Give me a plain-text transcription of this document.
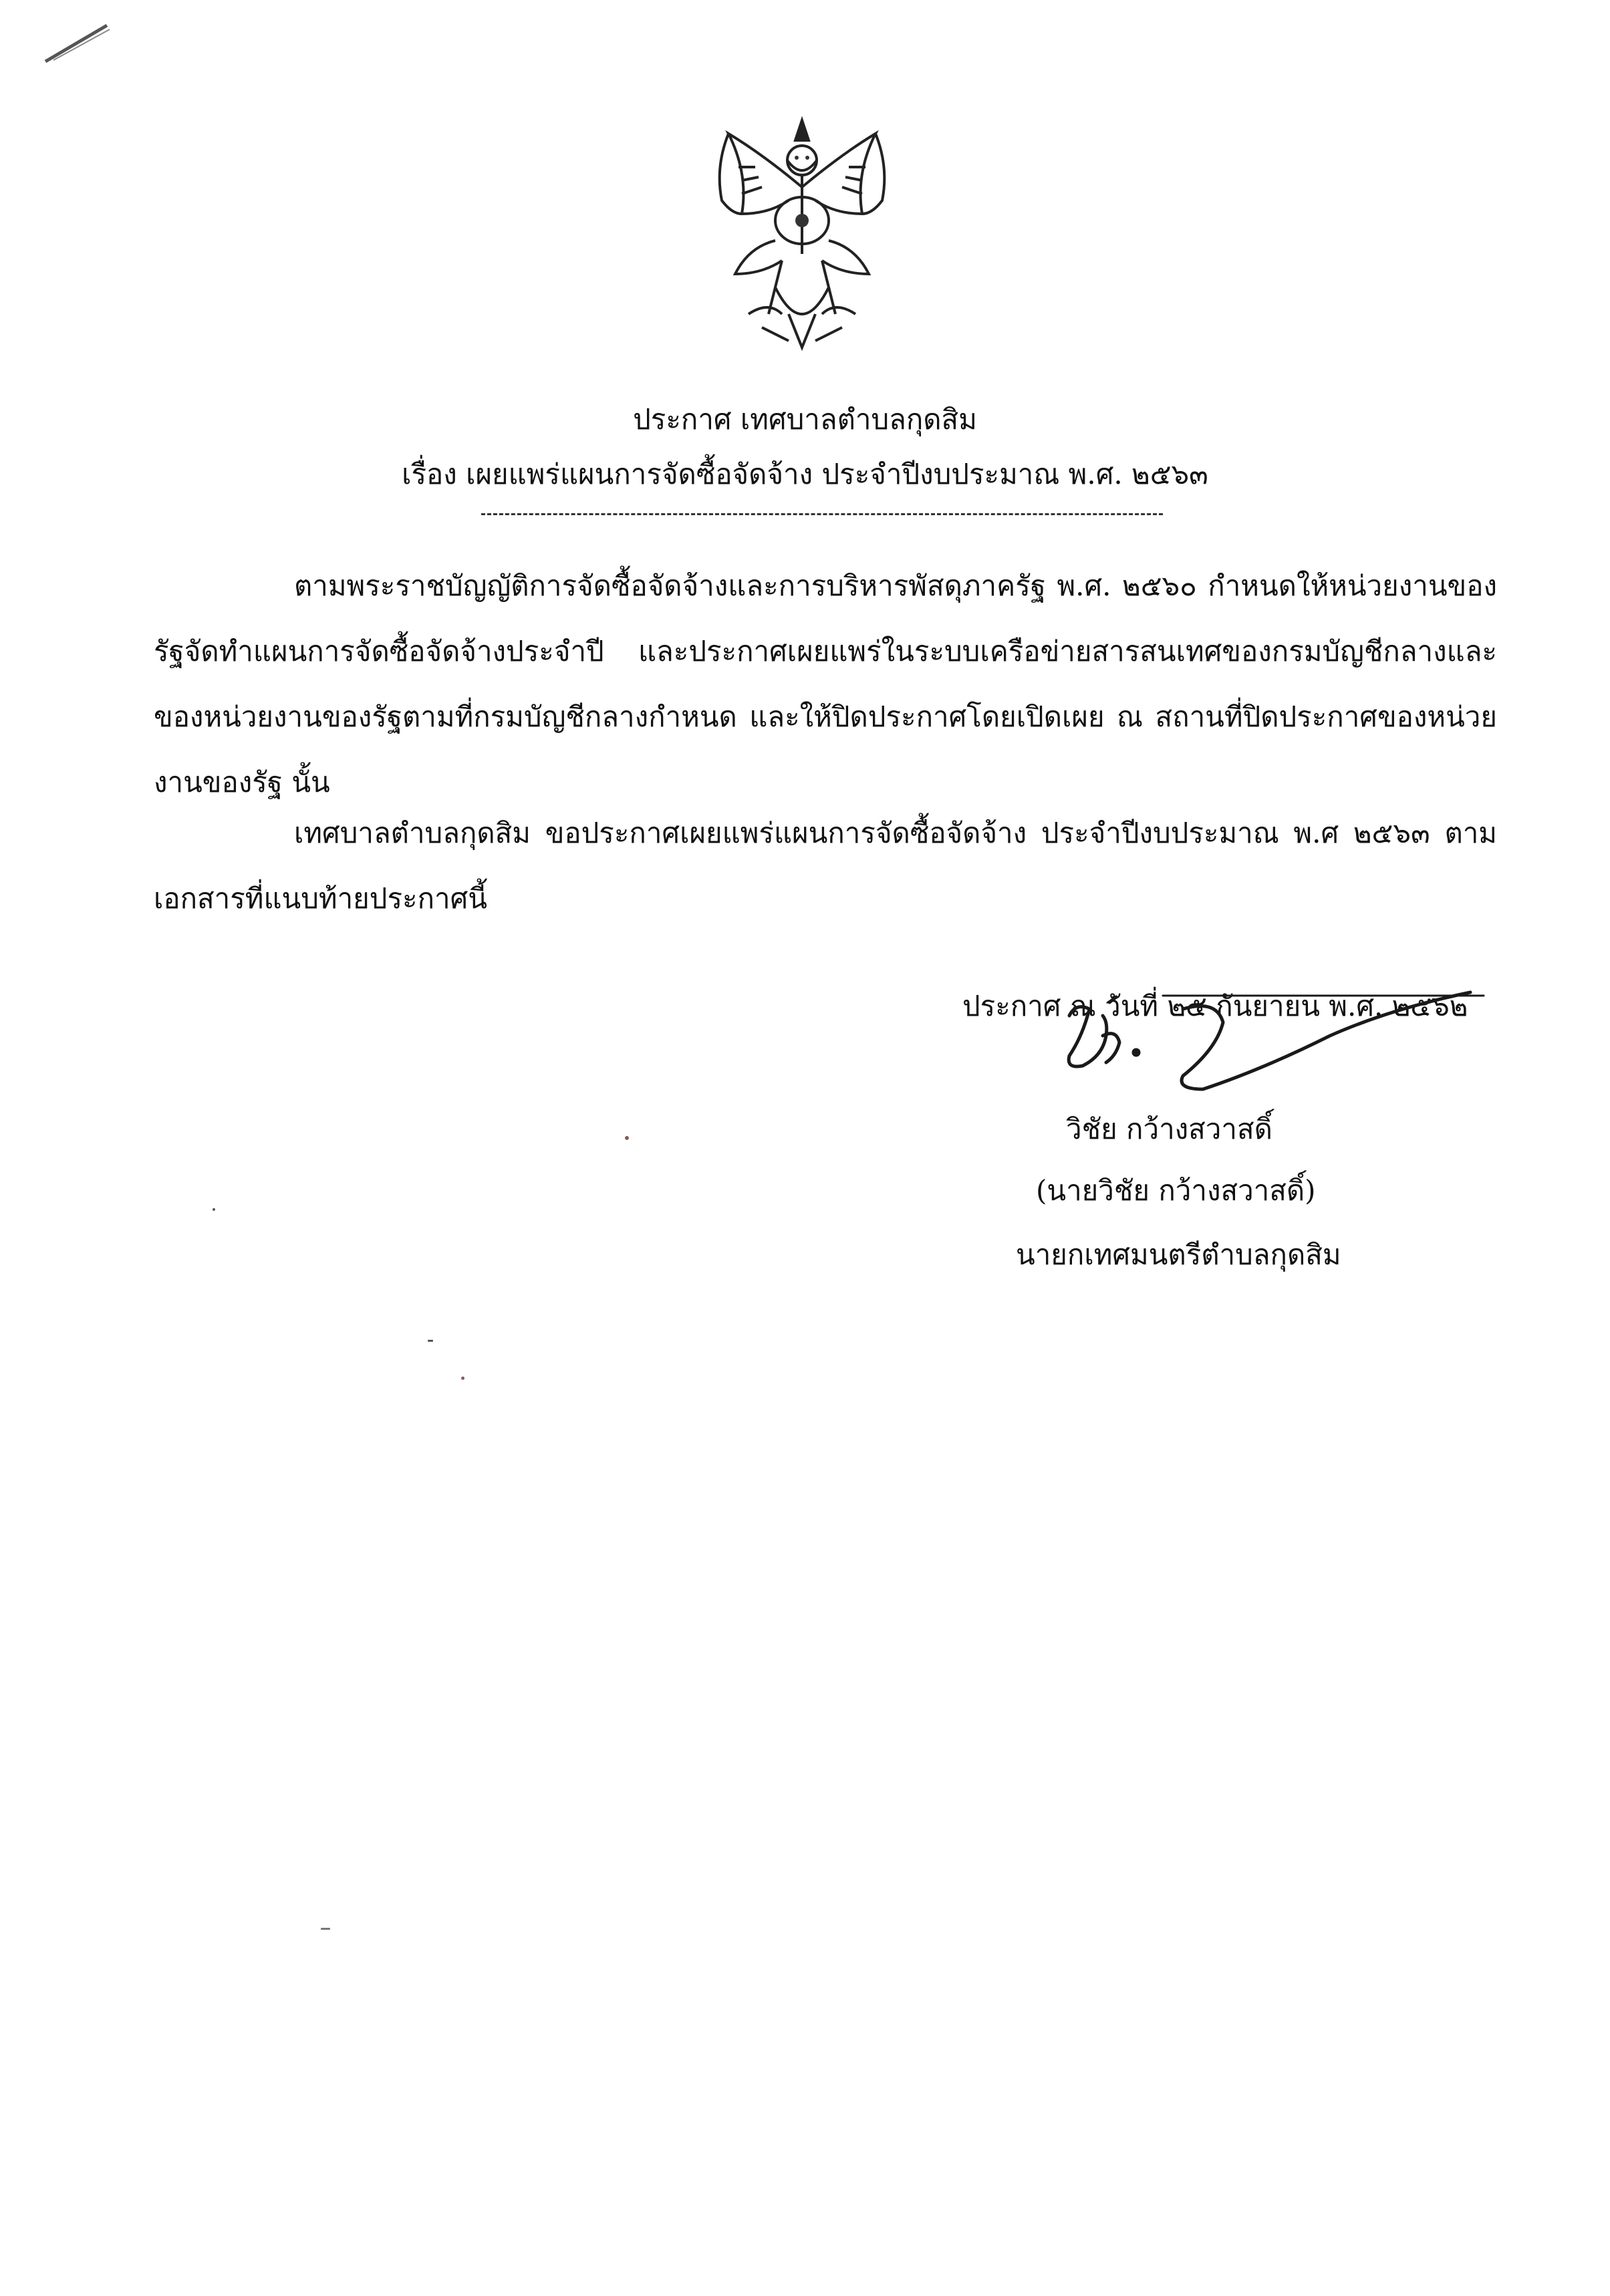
ประกาศ เทศบาลตำบลกุดสิม
เรื่อง เผยแพร่แผนการจัดซื้อจัดจ้าง ประจำปีงบประมาณ พ.ศ. ๒๕๖๓

ตามพระราชบัญญัติการจัดซื้อจัดจ้างและการบริหารพัสดุภาครัฐ พ.ศ. ๒๕๖๐ กำหนดให้หน่วยงานของรัฐจัดทำแผนการจัดซื้อจัดจ้างประจำปี และประกาศเผยแพร่ในระบบเครือข่ายสารสนเทศของกรมบัญชีกลางและของหน่วยงานของรัฐตามที่กรมบัญชีกลางกำหนด และให้ปิดประกาศโดยเปิดเผย ณ สถานที่ปิดประกาศของหน่วยงานของรัฐ นั้น

เทศบาลตำบลกุดสิม ขอประกาศเผยแพร่แผนการจัดซื้อจัดจ้าง ประจำปีงบประมาณ พ.ศ ๒๕๖๓ ตามเอกสารที่แนบท้ายประกาศนี้

ประกาศ ณ วันที่ ๒๕ กันยายน พ.ศ. ๒๕๖๒
วิชัย กว้างสวาสดิ์
(นายวิชัย กว้างสวาสดิ์)
นายกเทศมนตรีตำบลกุดสิม
